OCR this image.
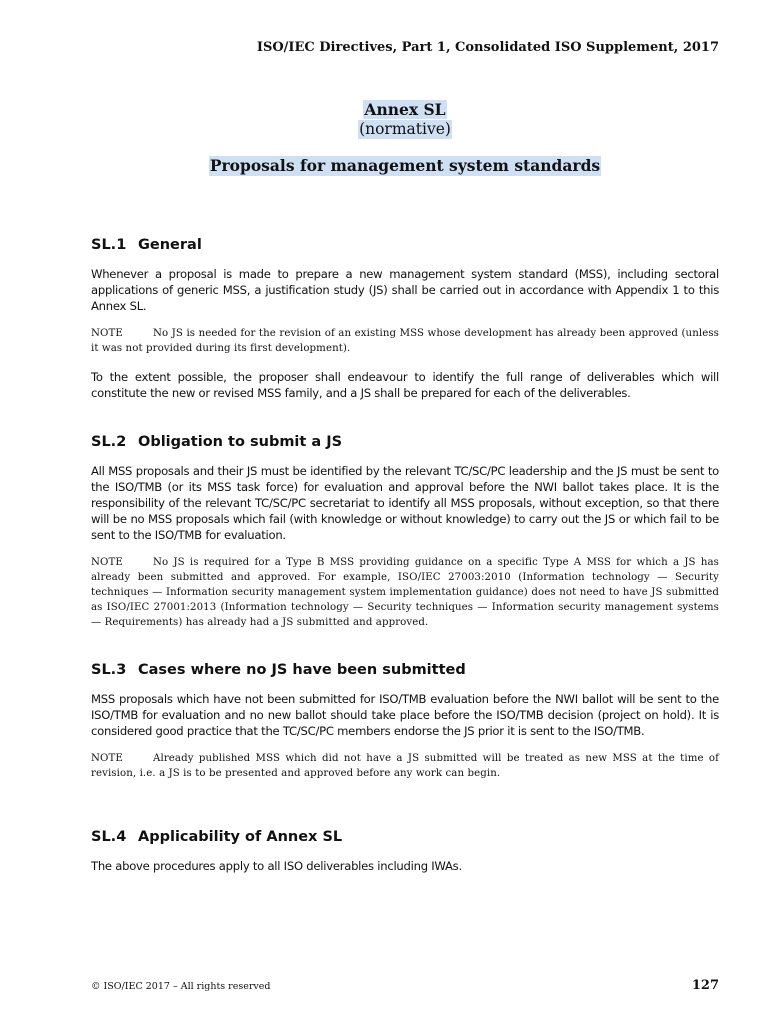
ISO/IEC Directives, Part 1, Consolidated ISO Supplement, 2017
Annex SL
(normative)
Proposals for management system standards
SL.1 General

Whenever a proposal is made to prepare a new management system standard (MSS), including sectoral applications of generic MSS, a justification study (JS) shall be carried out in accordance with Appendix 1 to this Annex SL.

NOTE	No JS is needed for the revision of an existing MSS whose development has already been approved (unless it was not provided during its first development).

To the extent possible, the proposer shall endeavour to identify the full range of deliverables which will constitute the new or revised MSS family, and a JS shall be prepared for each of the deliverables.

SL.2 Obligation to submit a JS

All MSS proposals and their JS must be identified by the relevant TC/SC/PC leadership and the JS must be sent to the ISO/TMB (or its MSS task force) for evaluation and approval before the NWI ballot takes place. It is the responsibility of the relevant TC/SC/PC secretariat to identify all MSS proposals, without exception, so that there will be no MSS proposals which fail (with knowledge or without knowledge) to carry out the JS or which fail to be sent to the ISO/TMB for evaluation.

NOTE	No JS is required for a Type B MSS providing guidance on a specific Type A MSS for which a JS has already been submitted and approved. For example, ISO/IEC 27003:2010 (Information technology — Security techniques — Information security management system implementation guidance) does not need to have JS submitted as ISO/IEC 27001:2013 (Information technology — Security techniques — Information security management systems — Requirements) has already had a JS submitted and approved.

SL.3 Cases where no JS have been submitted

MSS proposals which have not been submitted for ISO/TMB evaluation before the NWI ballot will be sent to the ISO/TMB for evaluation and no new ballot should take place before the ISO/TMB decision (project on hold). It is considered good practice that the TC/SC/PC members endorse the JS prior it is sent to the ISO/TMB.

NOTE	Already published MSS which did not have a JS submitted will be treated as new MSS at the time of revision, i.e. a JS is to be presented and approved before any work can begin.

SL.4 Applicability of Annex SL

The above procedures apply to all ISO deliverables including IWAs.

© ISO/IEC 2017 – All rights reserved	127
